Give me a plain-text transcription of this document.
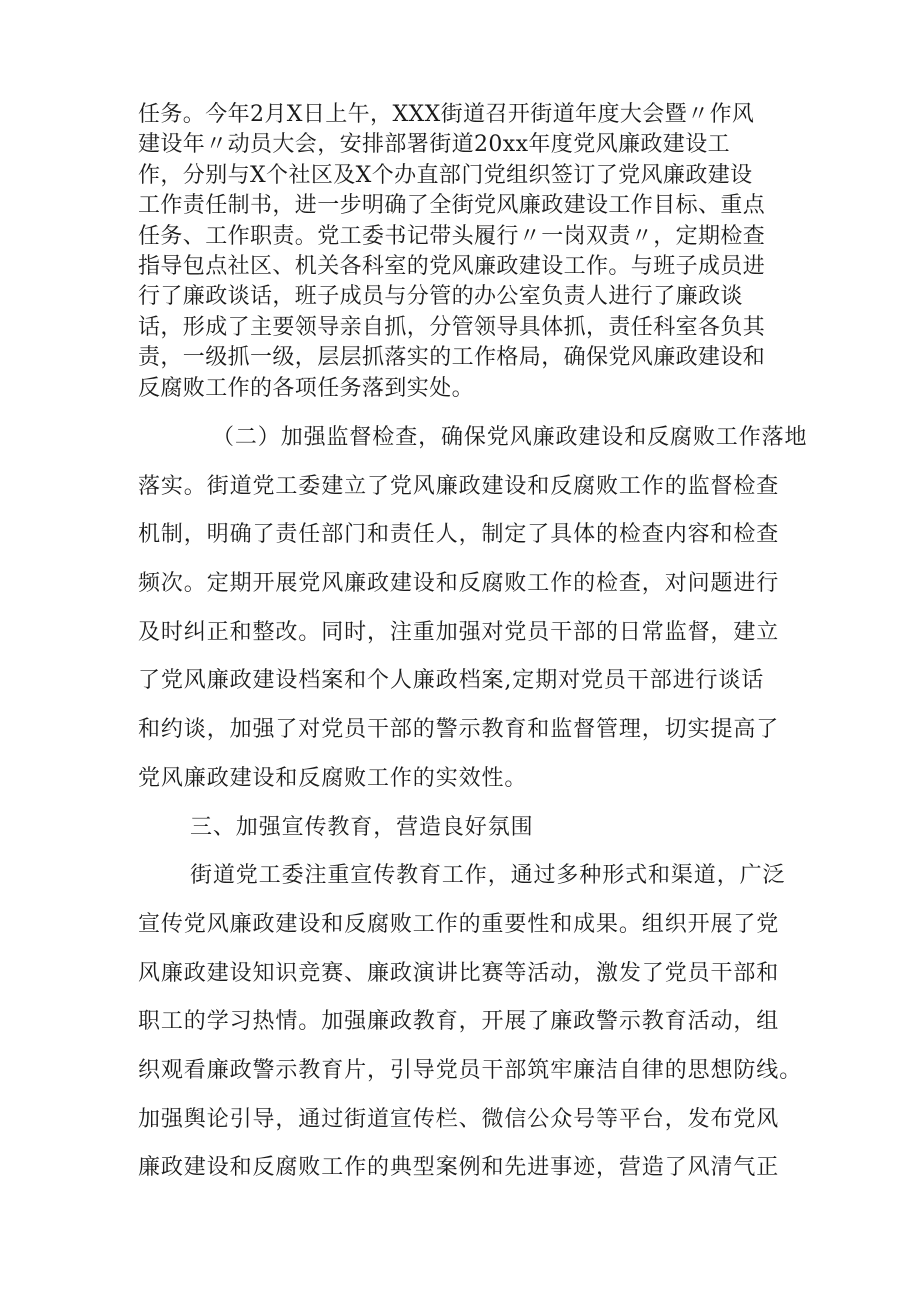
任务。今年2月X日上午，XXX街道召开街道年度大会暨〃作风
建设年〃动员大会，安排部署街道20xx年度党风廉政建设工
作，分别与X个社区及X个办直部门党组织签订了党风廉政建设
工作责任制书，进一步明确了全街党风廉政建设工作目标、重点
任务、工作职责。党工委书记带头履行〃一岗双责〃，定期检查
指导包点社区、机关各科室的党风廉政建设工作。与班子成员进
行了廉政谈话，班子成员与分管的办公室负责人进行了廉政谈
话，形成了主要领导亲自抓，分管领导具体抓，责任科室各负其
责，一级抓一级，层层抓落实的工作格局，确保党风廉政建设和
反腐败工作的各项任务落到实处。
（二）加强监督检查，确保党风廉政建设和反腐败工作落地
落实。街道党工委建立了党风廉政建设和反腐败工作的监督检查
机制，明确了责任部门和责任人，制定了具体的检查内容和检查
频次。定期开展党风廉政建设和反腐败工作的检查，对问题进行
及时纠正和整改。同时，注重加强对党员干部的日常监督，建立
了党风廉政建设档案和个人廉政档案,定期对党员干部进行谈话
和约谈，加强了对党员干部的警示教育和监督管理，切实提高了
党风廉政建设和反腐败工作的实效性。
三、加强宣传教育，营造良好氛围
街道党工委注重宣传教育工作，通过多种形式和渠道，广泛
宣传党风廉政建设和反腐败工作的重要性和成果。组织开展了党
风廉政建设知识竞赛、廉政演讲比赛等活动，激发了党员干部和
职工的学习热情。加强廉政教育，开展了廉政警示教育活动，组
织观看廉政警示教育片，引导党员干部筑牢廉洁自律的思想防线。
加强舆论引导，通过街道宣传栏、微信公众号等平台，发布党风
廉政建设和反腐败工作的典型案例和先进事迹，营造了风清气正
